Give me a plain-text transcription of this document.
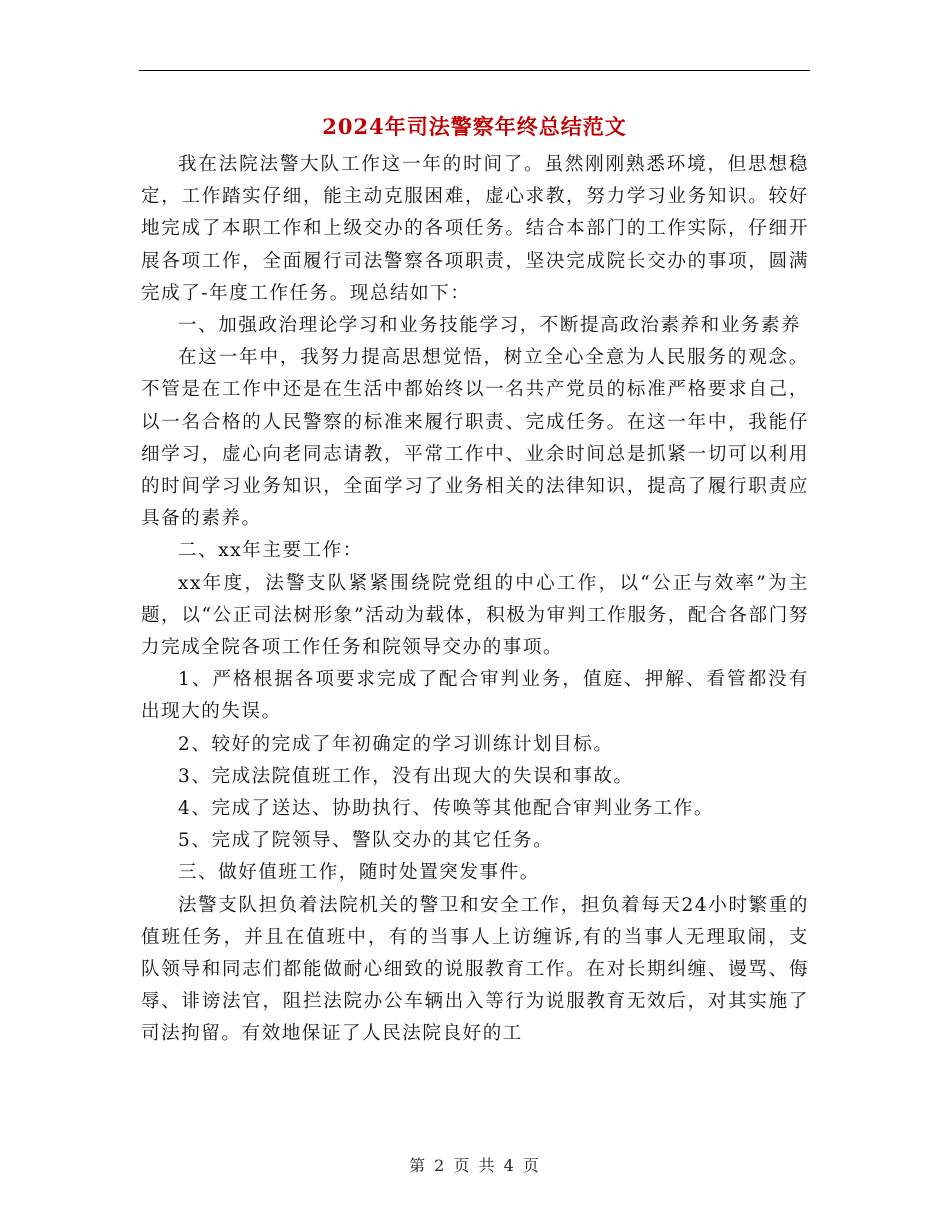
2024年司法警察年终总结范文

我在法院法警大队工作这一年的时间了。虽然刚刚熟悉环境，但思想稳定，工作踏实仔细，能主动克服困难，虚心求教，努力学习业务知识。较好地完成了本职工作和上级交办的各项任务。结合本部门的工作实际，仔细开展各项工作，全面履行司法警察各项职责，坚决完成院长交办的事项，圆满完成了-年度工作任务。现总结如下：

一、加强政治理论学习和业务技能学习，不断提高政治素养和业务素养

在这一年中，我努力提高思想觉悟，树立全心全意为人民服务的观念。不管是在工作中还是在生活中都始终以一名共产党员的标准严格要求自己，以一名合格的人民警察的标准来履行职责、完成任务。在这一年中，我能仔细学习，虚心向老同志请教，平常工作中、业余时间总是抓紧一切可以利用的时间学习业务知识，全面学习了业务相关的法律知识，提高了履行职责应具备的素养。

二、xx年主要工作：

xx年度，法警支队紧紧围绕院党组的中心工作，以“公正与效率”为主题，以“公正司法树形象”活动为载体，积极为审判工作服务，配合各部门努力完成全院各项工作任务和院领导交办的事项。

1、严格根据各项要求完成了配合审判业务，值庭、押解、看管都没有出现大的失误。

2、较好的完成了年初确定的学习训练计划目标。

3、完成法院值班工作，没有出现大的失误和事故。

4、完成了送达、协助执行、传唤等其他配合审判业务工作。

5、完成了院领导、警队交办的其它任务。

三、做好值班工作，随时处置突发事件。

法警支队担负着法院机关的警卫和安全工作，担负着每天24小时繁重的值班任务，并且在值班中，有的当事人上访缠诉,有的当事人无理取闹，支队领导和同志们都能做耐心细致的说服教育工作。在对长期纠缠、谩骂、侮辱、诽谤法官，阻拦法院办公车辆出入等行为说服教育无效后，对其实施了司法拘留。有效地保证了人民法院良好的工

第 2 页 共 4 页
